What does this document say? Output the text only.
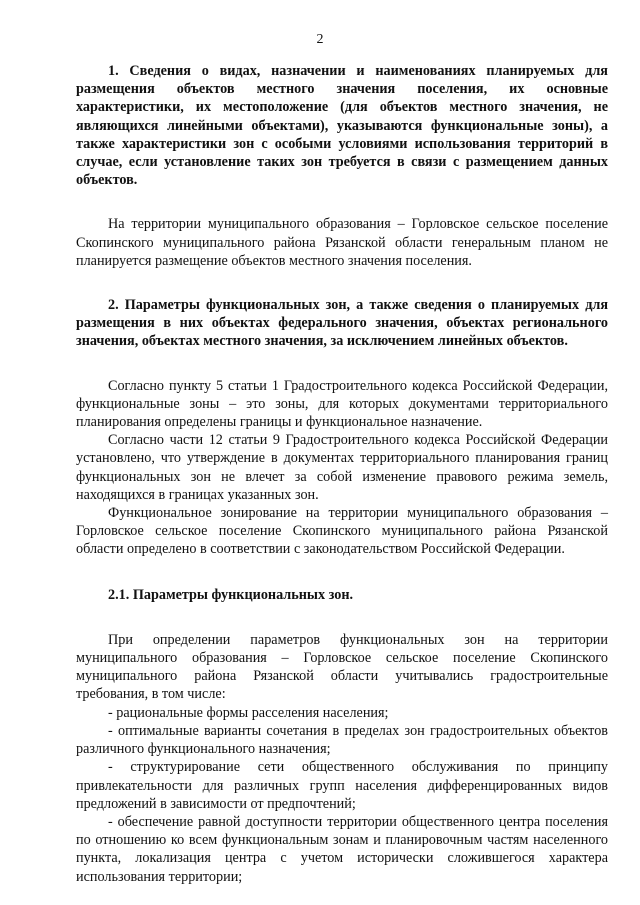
2

1. Сведения о видах, назначении и наименованиях планируемых для размещения объектов местного значения поселения, их основные характеристики, их местоположение (для объектов местного значения, не являющихся линейными объектами), указываются функциональные зоны), а также характеристики зон с особыми условиями использования территорий в случае, если установление таких зон требуется в связи с размещением данных объектов.

На территории муниципального образования – Горловское сельское поселение Скопинского муниципального района Рязанской области генеральным планом не планируется размещение объектов местного значения поселения.

2. Параметры функциональных зон, а также сведения о планируемых для размещения в них объектах федерального значения, объектах регионального значения, объектах местного значения, за исключением линейных объектов.

Согласно пункту 5 статьи 1 Градостроительного кодекса Российской Федерации, функциональные зоны – это зоны, для которых документами территориального планирования определены границы и функциональное назначение.

Согласно части 12 статьи 9 Градостроительного кодекса Российской Федерации установлено, что утверждение в документах территориального планирования границ функциональных зон не влечет за собой изменение правового режима земель, находящихся в границах указанных зон.

Функциональное зонирование на территории муниципального образования – Горловское сельское поселение Скопинского муниципального района Рязанской области определено в соответствии с законодательством Российской Федерации.

2.1. Параметры функциональных зон.

При определении параметров функциональных зон на территории муниципального образования – Горловское сельское поселение Скопинского муниципального района Рязанской области учитывались градостроительные требования, в том числе:

- рациональные формы расселения населения;

- оптимальные варианты сочетания в пределах зон градостроительных объектов различного функционального назначения;

- структурирование сети общественного обслуживания по принципу привлекательности для различных групп населения дифференцированных видов предложений в зависимости от предпочтений;

- обеспечение равной доступности территории общественного центра поселения по отношению ко всем функциональным зонам и планировочным частям населенного пункта, локализация центра с учетом исторически сложившегося характера использования территории;
